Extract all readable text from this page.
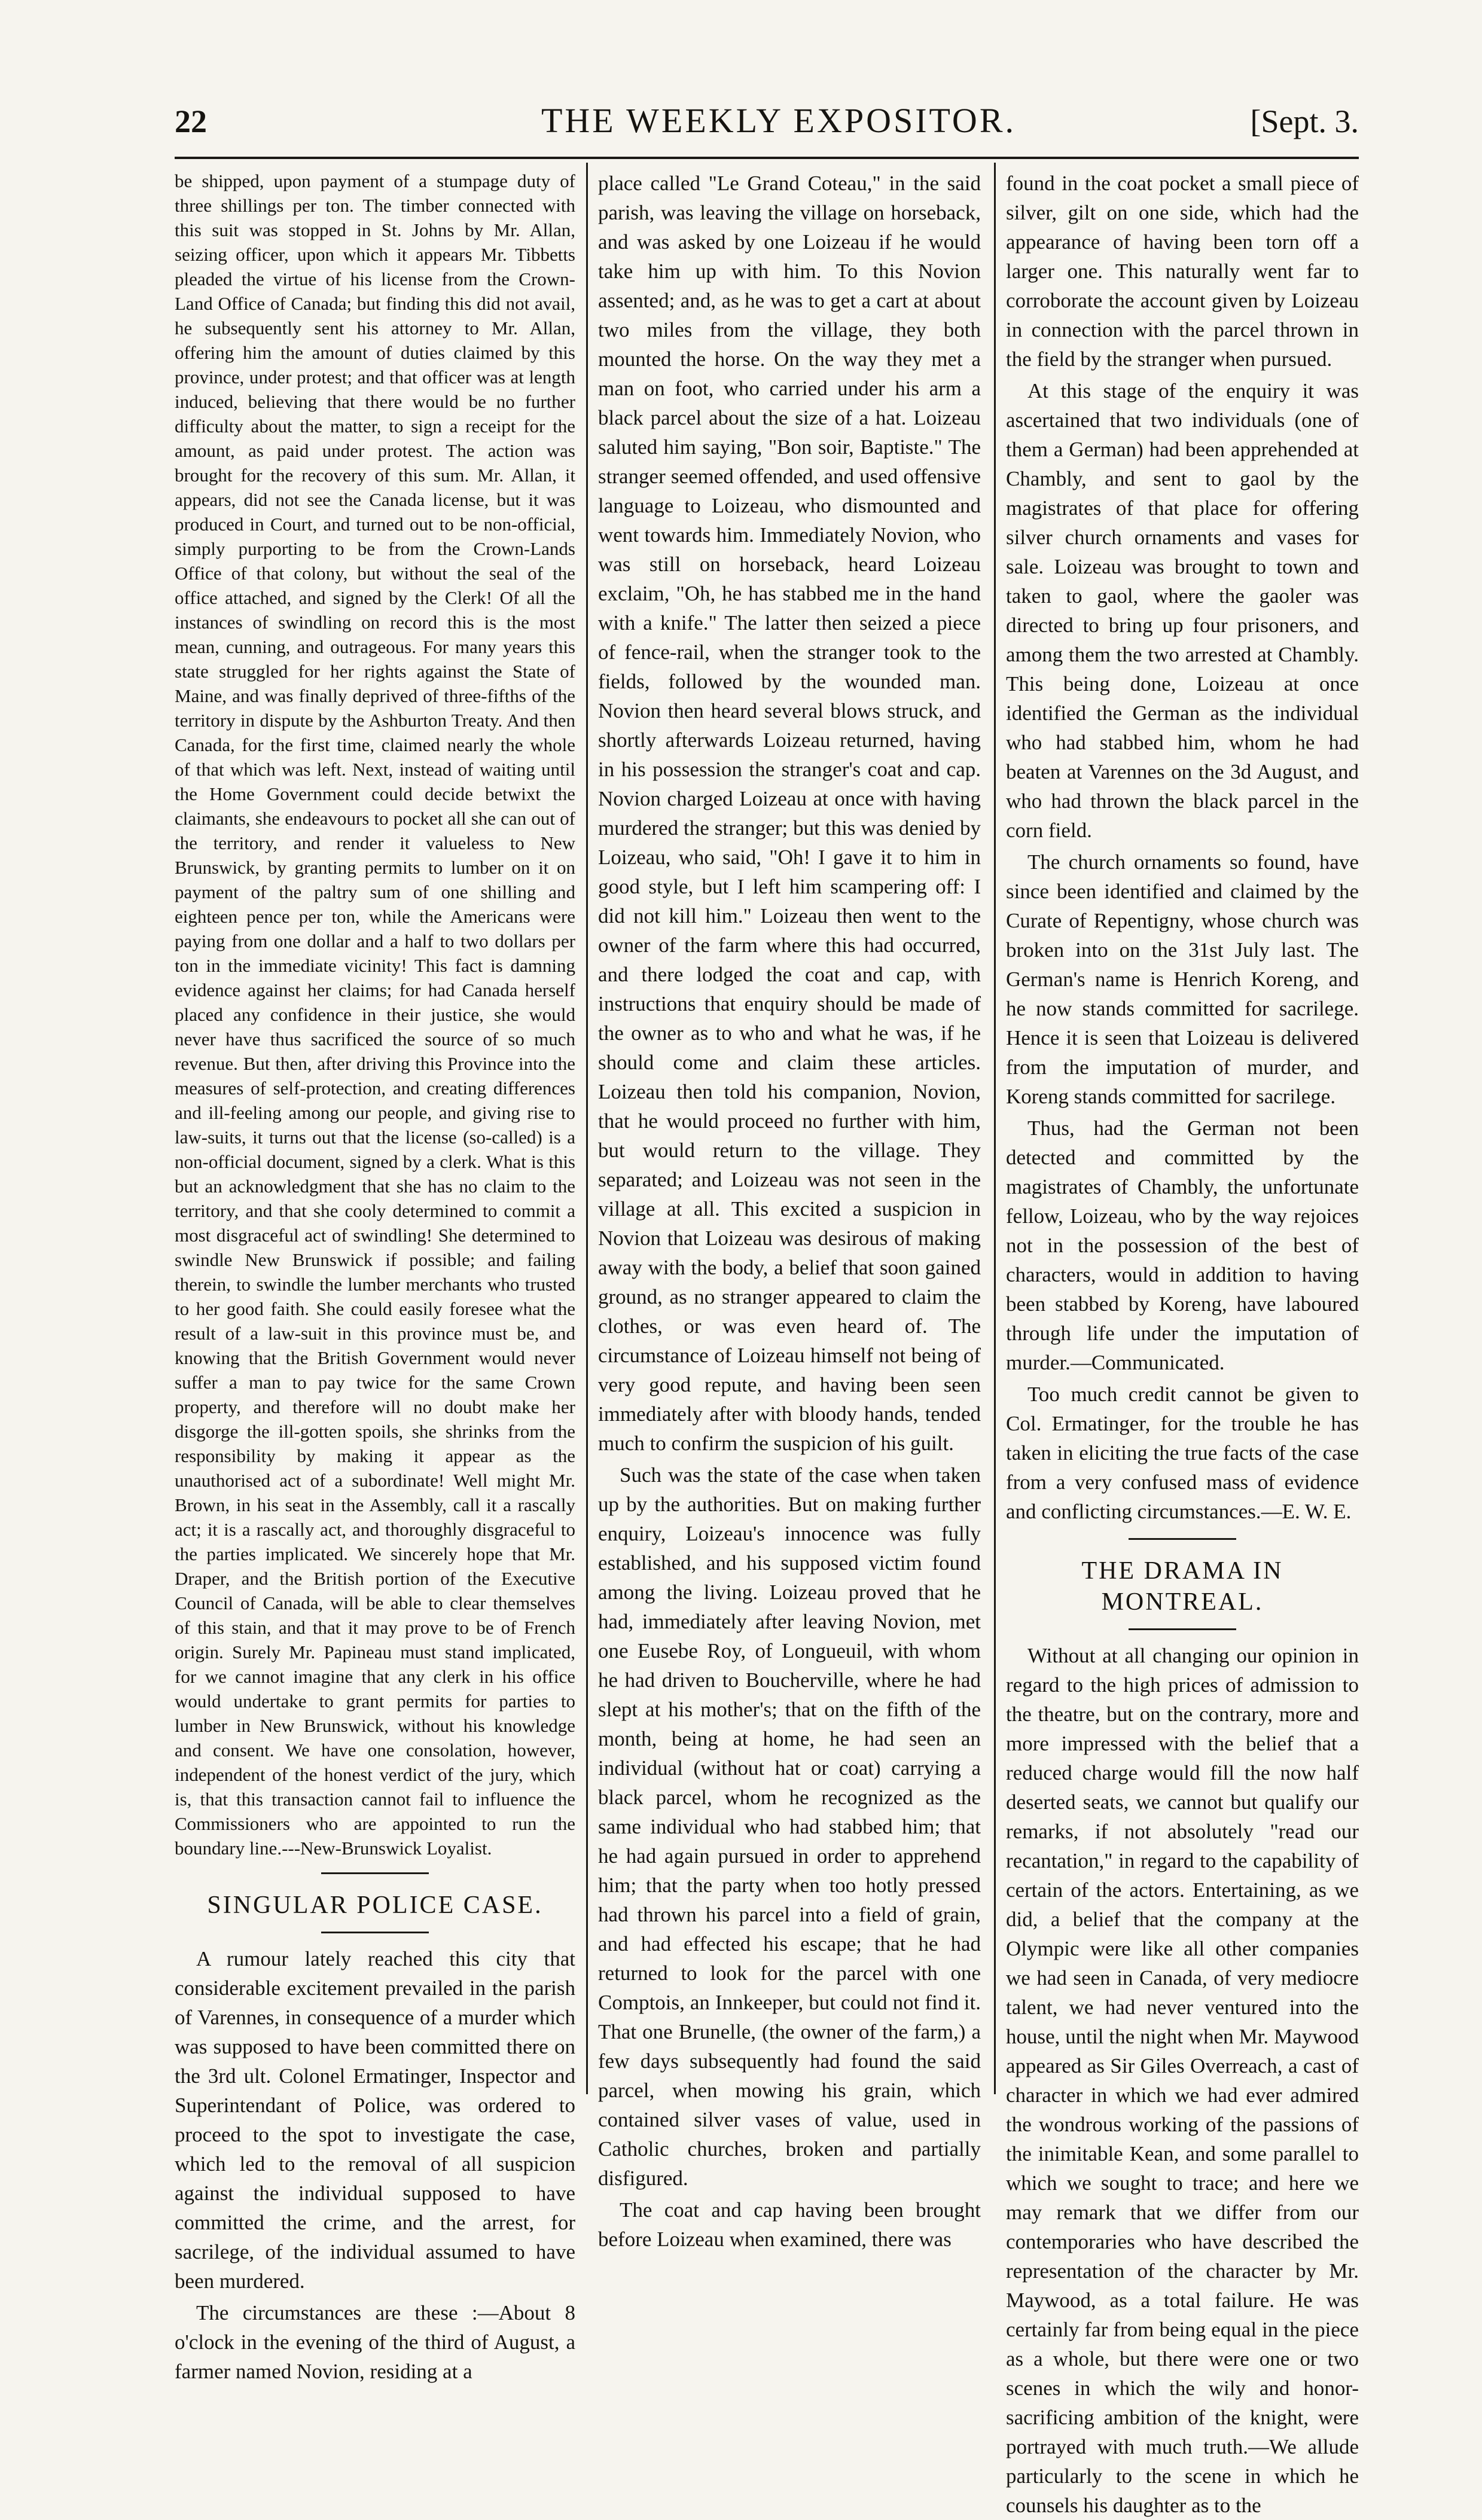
22	THE WEEKLY EXPOSITOR.	[Sept. 3.

be shipped, upon payment of a stumpage duty of three shillings per ton. The timber connected with this suit was stopped in St. Johns by Mr. Allan, seizing officer, upon which it appears Mr. Tibbetts pleaded the virtue of his license from the Crown-Land Office of Canada; but finding this did not avail, he subsequently sent his attorney to Mr. Allan, offering him the amount of duties claimed by this province, under protest; and that officer was at length induced, believing that there would be no further difficulty about the matter, to sign a receipt for the amount, as paid under protest. The action was brought for the recovery of this sum. Mr. Allan, it appears, did not see the Canada license, but it was produced in Court, and turned out to be non-official, simply purporting to be from the Crown-Lands Office of that colony, but without the seal of the office attached, and signed by the Clerk! Of all the instances of swindling on record this is the most mean, cunning, and outrageous. For many years this state struggled for her rights against the State of Maine, and was finally deprived of three-fifths of the territory in dispute by the Ashburton Treaty. And then Canada, for the first time, claimed nearly the whole of that which was left. Next, instead of waiting until the Home Government could decide betwixt the claimants, she endeavours to pocket all she can out of the territory, and render it valueless to New Brunswick, by granting permits to lumber on it on payment of the paltry sum of one shilling and eighteen pence per ton, while the Americans were paying from one dollar and a half to two dollars per ton in the immediate vicinity! This fact is damning evidence against her claims; for had Canada herself placed any confidence in their justice, she would never have thus sacrificed the source of so much revenue. But then, after driving this Province into the measures of self-protection, and creating differences and ill-feeling among our people, and giving rise to law-suits, it turns out that the license (so-called) is a non-official document, signed by a clerk. What is this but an acknowledgment that she has no claim to the territory, and that she cooly determined to commit a most disgraceful act of swindling! She determined to swindle New Brunswick if possible; and failing therein, to swindle the lumber merchants who trusted to her good faith. She could easily foresee what the result of a law-suit in this province must be, and knowing that the British Government would never suffer a man to pay twice for the same Crown property, and therefore will no doubt make her disgorge the ill-gotten spoils, she shrinks from the responsibility by making it appear as the unauthorised act of a subordinate! Well might Mr. Brown, in his seat in the Assembly, call it a rascally act; it is a rascally act, and thoroughly disgraceful to the parties implicated. We sincerely hope that Mr. Draper, and the British portion of the Executive Council of Canada, will be able to clear themselves of this stain, and that it may prove to be of French origin. Surely Mr. Papineau must stand implicated, for we cannot imagine that any clerk in his office would undertake to grant permits for parties to lumber in New Brunswick, without his knowledge and consent. We have one consolation, however, independent of the honest verdict of the jury, which is, that this transaction cannot fail to influence the Commissioners who are appointed to run the boundary line.---New-Brunswick Loyalist.

SINGULAR POLICE CASE.

A rumour lately reached this city that considerable excitement prevailed in the parish of Varennes, in consequence of a murder which was supposed to have been committed there on the 3rd ult. Colonel Ermatinger, Inspector and Superintendant of Police, was ordered to proceed to the spot to investigate the case, which led to the removal of all suspicion against the individual supposed to have committed the crime, and the arrest, for sacrilege, of the individual assumed to have been murdered.

The circumstances are these :—About 8 o'clock in the evening of the third of August, a farmer named Novion, residing at a

place called "Le Grand Coteau," in the said parish, was leaving the village on horseback, and was asked by one Loizeau if he would take him up with him. To this Novion assented; and, as he was to get a cart at about two miles from the village, they both mounted the horse. On the way they met a man on foot, who carried under his arm a black parcel about the size of a hat. Loizeau saluted him saying, "Bon soir, Baptiste." The stranger seemed offended, and used offensive language to Loizeau, who dismounted and went towards him. Immediately Novion, who was still on horseback, heard Loizeau exclaim, "Oh, he has stabbed me in the hand with a knife." The latter then seized a piece of fence-rail, when the stranger took to the fields, followed by the wounded man. Novion then heard several blows struck, and shortly afterwards Loizeau returned, having in his possession the stranger's coat and cap. Novion charged Loizeau at once with having murdered the stranger; but this was denied by Loizeau, who said, "Oh! I gave it to him in good style, but I left him scampering off: I did not kill him." Loizeau then went to the owner of the farm where this had occurred, and there lodged the coat and cap, with instructions that enquiry should be made of the owner as to who and what he was, if he should come and claim these articles. Loizeau then told his companion, Novion, that he would proceed no further with him, but would return to the village. They separated; and Loizeau was not seen in the village at all. This excited a suspicion in Novion that Loizeau was desirous of making away with the body, a belief that soon gained ground, as no stranger appeared to claim the clothes, or was even heard of. The circumstance of Loizeau himself not being of very good repute, and having been seen immediately after with bloody hands, tended much to confirm the suspicion of his guilt.

Such was the state of the case when taken up by the authorities. But on making further enquiry, Loizeau's innocence was fully established, and his supposed victim found among the living. Loizeau proved that he had, immediately after leaving Novion, met one Eusebe Roy, of Longueuil, with whom he had driven to Boucherville, where he had slept at his mother's; that on the fifth of the month, being at home, he had seen an individual (without hat or coat) carrying a black parcel, whom he recognized as the same individual who had stabbed him; that he had again pursued in order to apprehend him; that the party when too hotly pressed had thrown his parcel into a field of grain, and had effected his escape; that he had returned to look for the parcel with one Comptois, an Innkeeper, but could not find it. That one Brunelle, (the owner of the farm,) a few days subsequently had found the said parcel, when mowing his grain, which contained silver vases of value, used in Catholic churches, broken and partially disfigured.

The coat and cap having been brought before Loizeau when examined, there was

found in the coat pocket a small piece of silver, gilt on one side, which had the appearance of having been torn off a larger one. This naturally went far to corroborate the account given by Loizeau in connection with the parcel thrown in the field by the stranger when pursued.

At this stage of the enquiry it was ascertained that two individuals (one of them a German) had been apprehended at Chambly, and sent to gaol by the magistrates of that place for offering silver church ornaments and vases for sale. Loizeau was brought to town and taken to gaol, where the gaoler was directed to bring up four prisoners, and among them the two arrested at Chambly. This being done, Loizeau at once identified the German as the individual who had stabbed him, whom he had beaten at Varennes on the 3d August, and who had thrown the black parcel in the corn field.

The church ornaments so found, have since been identified and claimed by the Curate of Repentigny, whose church was broken into on the 31st July last. The German's name is Henrich Koreng, and he now stands committed for sacrilege. Hence it is seen that Loizeau is delivered from the imputation of murder, and Koreng stands committed for sacrilege.

Thus, had the German not been detected and committed by the magistrates of Chambly, the unfortunate fellow, Loizeau, who by the way rejoices not in the possession of the best of characters, would in addition to having been stabbed by Koreng, have laboured through life under the imputation of murder.—Communicated.

Too much credit cannot be given to Col. Ermatinger, for the trouble he has taken in eliciting the true facts of the case from a very confused mass of evidence and conflicting circumstances.—E. W. E.

THE DRAMA IN MONTREAL.

Without at all changing our opinion in regard to the high prices of admission to the theatre, but on the contrary, more and more impressed with the belief that a reduced charge would fill the now half deserted seats, we cannot but qualify our remarks, if not absolutely "read our recantation," in regard to the capability of certain of the actors. Entertaining, as we did, a belief that the company at the Olympic were like all other companies we had seen in Canada, of very mediocre talent, we had never ventured into the house, until the night when Mr. Maywood appeared as Sir Giles Overreach, a cast of character in which we had ever admired the wondrous working of the passions of the inimitable Kean, and some parallel to which we sought to trace; and here we may remark that we differ from our contemporaries who have described the representation of the character by Mr. Maywood, as a total failure. He was certainly far from being equal in the piece as a whole, but there were one or two scenes in which the wily and honor-sacrificing ambition of the knight, were portrayed with much truth.—We allude particularly to the scene in which he counsels his daughter as to the
